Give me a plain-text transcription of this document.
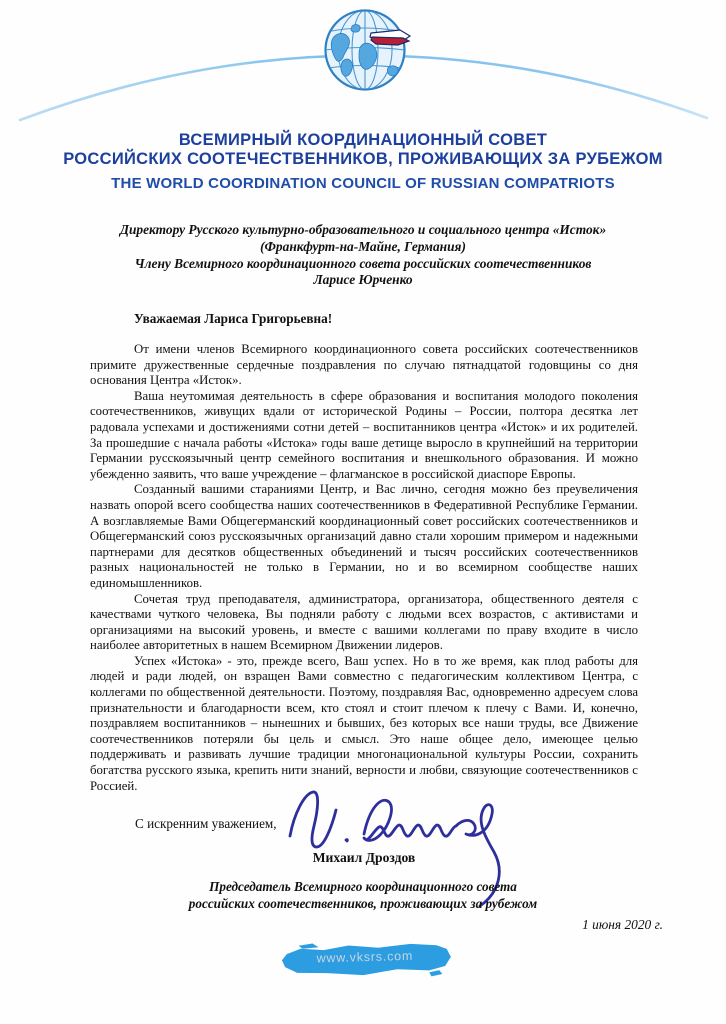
ВСЕМИРНЫЙ КООРДИНАЦИОННЫЙ СОВЕТ
РОССИЙСКИХ СООТЕЧЕСТВЕННИКОВ, ПРОЖИВАЮЩИХ ЗА РУБЕЖОМ
THE WORLD COORDINATION COUNCIL OF RUSSIAN COMPATRIOTS
Директору Русского культурно-образовательного и социального центра «Исток»
(Франкфурт-на-Майне, Германия)
Члену Всемирного координационного совета российских соотечественников
Ларисе Юрченко
Уважаемая Лариса Григорьевна!

От имени членов Всемирного координационного совета российских соотечественников примите дружественные сердечные поздравления по случаю пятнадцатой годовщины со дня основания Центра «Исток».

Ваша неутомимая деятельность в сфере образования и воспитания молодого поколения соотечественников, живущих вдали от исторической Родины – России, полтора десятка лет радовала успехами и достижениями сотни детей – воспитанников центра «Исток» и их родителей. За прошедшие с начала работы «Истока» годы ваше детище выросло в крупнейший на территории Германии русскоязычный центр семейного воспитания и внешкольного образования. И можно убежденно заявить, что ваше учреждение – флагманское в российской диаспоре Европы.

Созданный вашими стараниями Центр, и Вас лично, сегодня можно без преувеличения назвать опорой всего сообщества наших соотечественников в Федеративной Республике Германии. А возглавляемые Вами Общегерманский координационный совет российских соотечественников и Общегерманский союз русскоязычных организаций давно стали хорошим примером и надежными партнерами для десятков общественных объединений и тысяч российских соотечественников разных национальностей не только в Германии, но и во всемирном сообществе наших единомышленников.

Сочетая труд преподавателя, администратора, организатора, общественного деятеля с качествами чуткого человека, Вы подняли работу с людьми всех возрастов, с активистами и организациями на высокий уровень, и вместе с вашими коллегами по праву входите в число наиболее авторитетных в нашем Всемирном Движении лидеров.

Успех «Истока» - это, прежде всего, Ваш успех. Но в то же время, как плод работы для людей и ради людей, он взращен Вами совместно с педагогическим коллективом Центра, с коллегами по общественной деятельности. Поэтому, поздравляя Вас, одновременно адресуем слова признательности и благодарности всем, кто стоял и стоит плечом к плечу с Вами. И, конечно, поздравляем воспитанников – нынешних и бывших, без которых все наши труды, все Движение соотечественников потеряли бы цель и смысл. Это наше общее дело, имеющее целью поддерживать и развивать лучшие традиции многонациональной культуры России, сохранить богатства русского языка, крепить нити знаний, верности и любви, связующие соотечественников с Россией.

С искренним уважением,
Михаил Дроздов
Председатель Всемирного координационного совета
российских соотечественников, проживающих за рубежом
1 июня 2020 г.
www.vksrs.com
